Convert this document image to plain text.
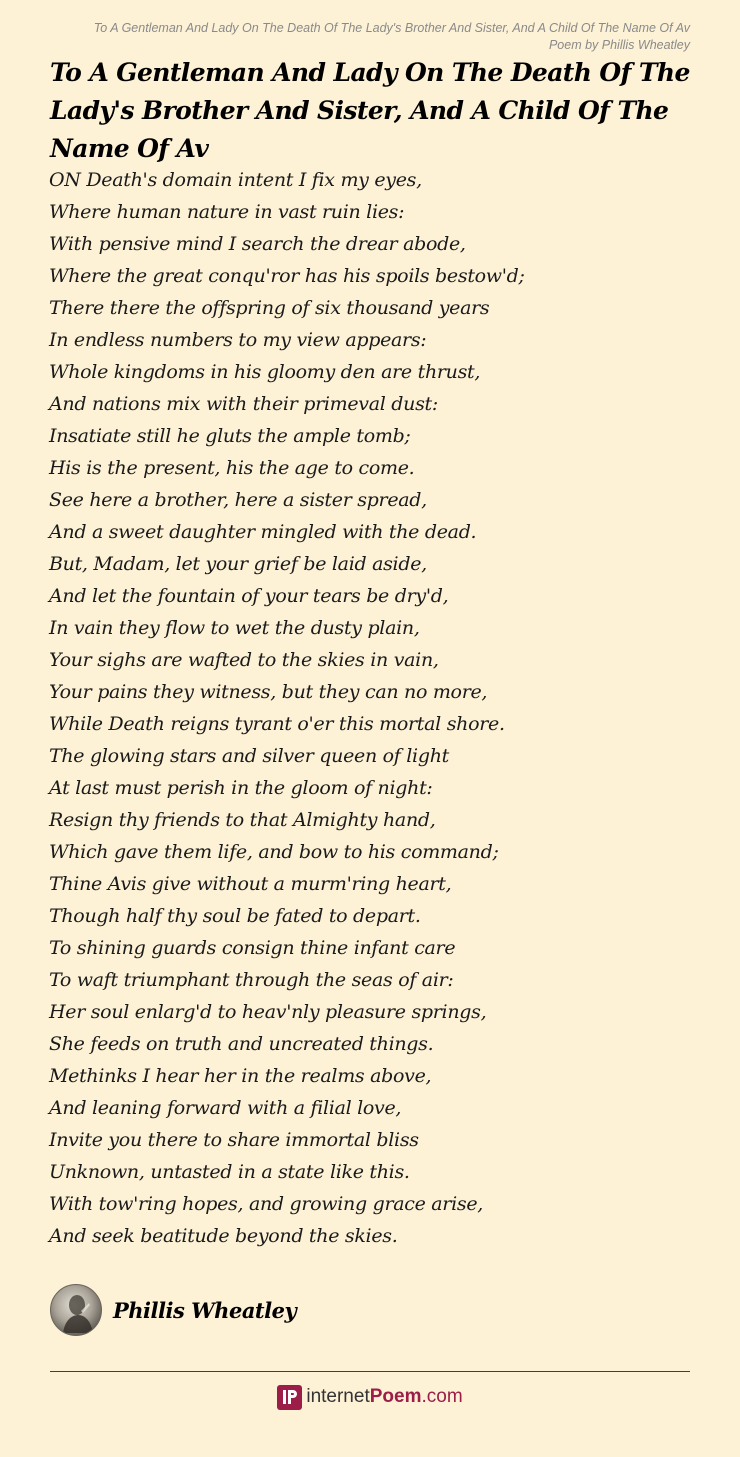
To A Gentleman And Lady On The Death Of The Lady's Brother And Sister, And A Child Of The Name Of Av
Poem by Phillis Wheatley
To A Gentleman And Lady On The Death Of The Lady's Brother And Sister, And A Child Of The Name Of Av
ON Death's domain intent I fix my eyes,
Where human nature in vast ruin lies:
With pensive mind I search the drear abode,
Where the great conqu'ror has his spoils bestow'd;
There there the offspring of six thousand years
In endless numbers to my view appears:
Whole kingdoms in his gloomy den are thrust,
And nations mix with their primeval dust:
Insatiate still he gluts the ample tomb;
His is the present, his the age to come.
See here a brother, here a sister spread,
And a sweet daughter mingled with the dead.
But, Madam, let your grief be laid aside,
And let the fountain of your tears be dry'd,
In vain they flow to wet the dusty plain,
Your sighs are wafted to the skies in vain,
Your pains they witness, but they can no more,
While Death reigns tyrant o'er this mortal shore.
The glowing stars and silver queen of light
At last must perish in the gloom of night:
Resign thy friends to that Almighty hand,
Which gave them life, and bow to his command;
Thine Avis give without a murm'ring heart,
Though half thy soul be fated to depart.
To shining guards consign thine infant care
To waft triumphant through the seas of air:
Her soul enlarg'd to heav'nly pleasure springs,
She feeds on truth and uncreated things.
Methinks I hear her in the realms above,
And leaning forward with a filial love,
Invite you there to share immortal bliss
Unknown, untasted in a state like this.
With tow'ring hopes, and growing grace arise,
And seek beatitude beyond the skies.
Phillis Wheatley
internetPoem.com
